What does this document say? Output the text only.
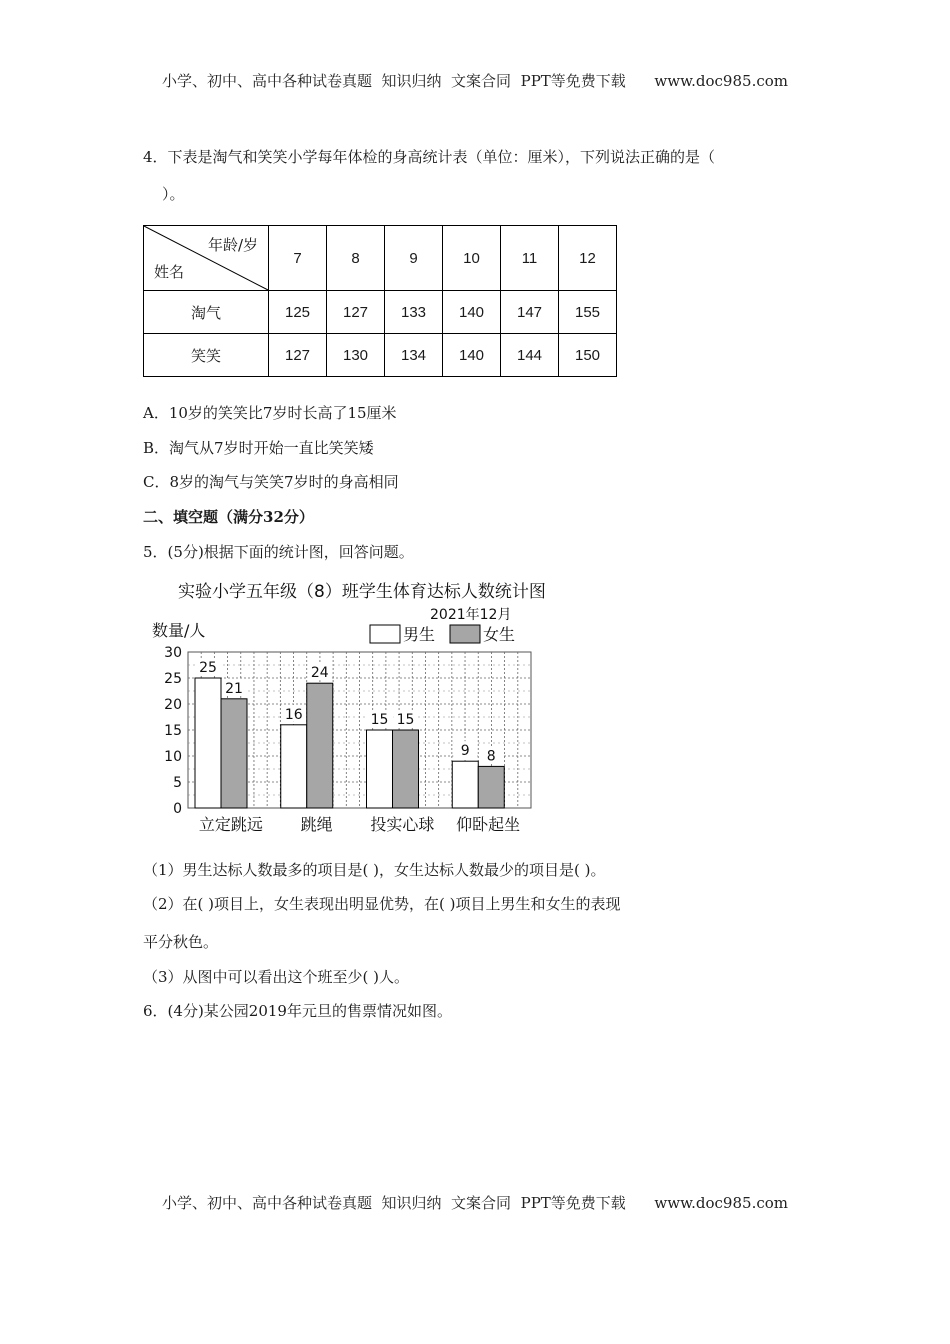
小学、初中、高中各种试卷真题  知识归纳  文案合同  PPT等免费下载      www.doc985.com
4．下表是淘气和笑笑小学每年体检的身高统计表（单位：厘米），下列说法正确的是（
）。
年龄/岁
姓名	7	8	9	10	11	12
淘气	125	127	133	140	147	155
笑笑	127	130	134	140	144	150
A．10岁的笑笑比7岁时长高了15厘米
B．淘气从7岁时开始一直比笑笑矮
C．8岁的淘气与笑笑7岁时的身高相同
二、填空题（满分32分）
5．(5分)根据下面的统计图，回答问题。
实验小学五年级（8）班学生体育达标人数统计图
2021年12月
数量/人	男生	女生
0
5
10
15
20
25
30
25
21
立定跳远
16
24
跳绳
15 15
投实心球
9 8
仰卧起坐
（1）男生达标人数最多的项目是( )，女生达标人数最少的项目是( )。
（2）在( )项目上，女生表现出明显优势，在( )项目上男生和女生的表现
平分秋色。
（3）从图中可以看出这个班至少( )人。
6．(4分)某公园2019年元旦的售票情况如图。
小学、初中、高中各种试卷真题  知识归纳  文案合同  PPT等免费下载      www.doc985.com
